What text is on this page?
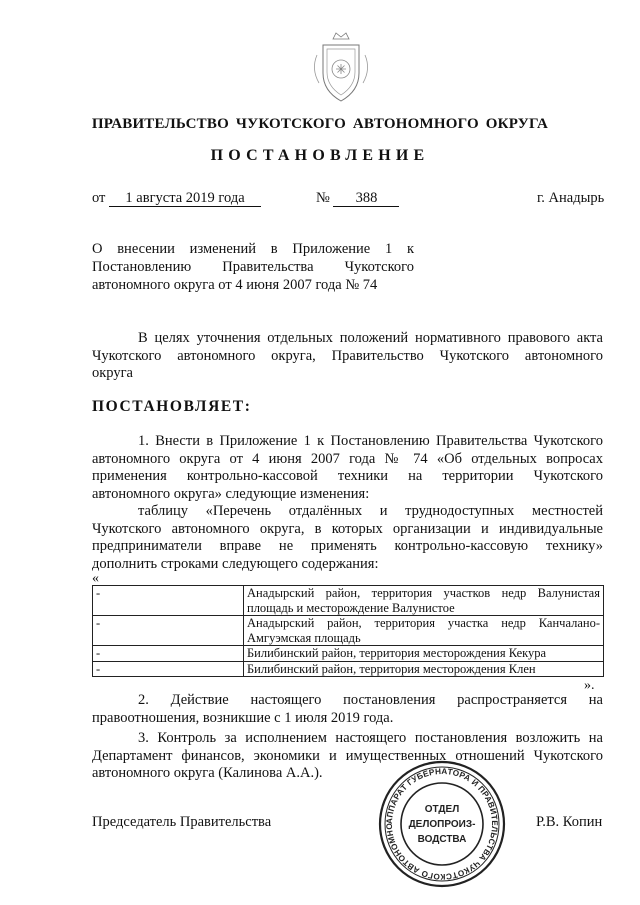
ПРАВИТЕЛЬСТВО ЧУКОТСКОГО АВТОНОМНОГО ОКРУГА
ПОСТАНОВЛЕНИЕ
от 1 августа 2019 года	№ 388	г. Анадырь
О внесении изменений в Приложение 1 к
Постановлению Правительства Чукотского
автономного округа от 4 июня 2007 года № 74
В целях уточнения отдельных положений нормативного правового акта
Чукотского автономного округа, Правительство Чукотского автономного
округа
ПОСТАНОВЛЯЕТ:
1. Внести в Приложение 1 к Постановлению Правительства Чукотского
автономного округа от 4 июня 2007 года № 74 «Об отдельных вопросах
применения контрольно-кассовой техники на территории Чукотского
автономного округа» следующие изменения:
таблицу «Перечень отдалённых и труднодоступных местностей
Чукотского автономного округа, в которых организации и индивидуальные
предприниматели вправе не применять контрольно-кассовую технику»
дополнить строками следующего содержания:
«
-	Анадырский район, территория участков недр Валунистая площадь и месторождение Валунистое
-	Анадырский район, территория участка недр Канчалано-Амгуэмская площадь
-	Билибинский район, территория месторождения Кекура
-	Билибинский район, территория месторождения Клен
».
2. Действие настоящего постановления распространяется на
правоотношения, возникшие с 1 июля 2019 года.
3. Контроль за исполнением настоящего постановления возложить на
Департамент финансов, экономики и имущественных отношений Чукотского
автономного округа (Калинова А.А.).
Председатель Правительства	Р.В. Копин
АППАРАТ ГУБЕРНАТОРА И ПРАВИТЕЛЬСТВА ЧУКОТСКОГО АВТОНОМНО
ОТДЕЛ
ДЕЛОПРОИЗ-
ВОДСТВА
